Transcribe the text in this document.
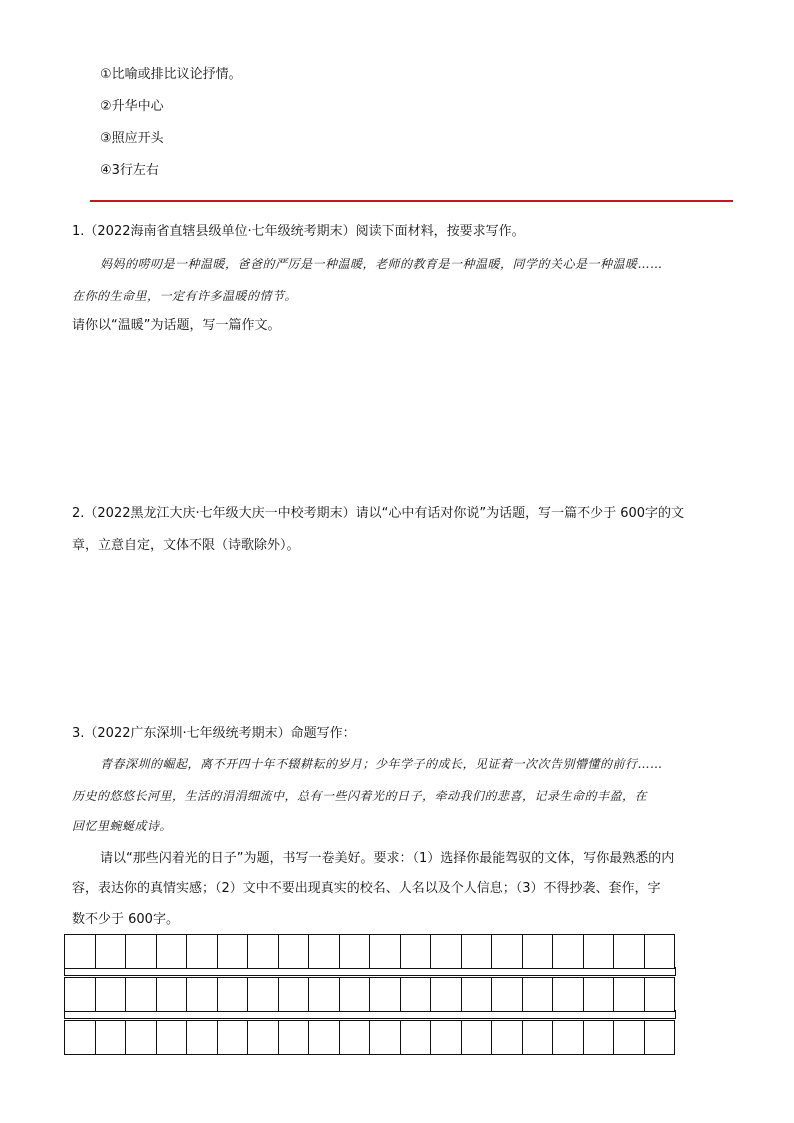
①比喻或排比议论抒情。
②升华中心
③照应开头
④3行左右
1.（2022海南省直辖县级单位·七年级统考期末）阅读下面材料，按要求写作。
妈妈的唠叨是一种温暖，爸爸的严厉是一种温暖，老师的教育是一种温暖，同学的关心是一种温暖……
在你的生命里，一定有许多温暖的情节。
请你以“温暖”为话题，写一篇作文。
2.（2022黑龙江大庆·七年级大庆一中校考期末）请以“心中有话对你说”为话题，写一篇不少于 600字的文
章，立意自定，文体不限（诗歌除外）。
3.（2022广东深圳·七年级统考期末）命题写作：
青春深圳的崛起，离不开四十年不辍耕耘的岁月；少年学子的成长，见证着一次次告别懵懂的前行……
历史的悠悠长河里，生活的涓涓细流中，总有一些闪着光的日子，牵动我们的悲喜，记录生命的丰盈，在
回忆里蜿蜒成诗。
请以“那些闪着光的日子”为题，书写一卷美好。要求：（1）选择你最能驾驭的文体，写你最熟悉的内
容，表达你的真情实感；（2）文中不要出现真实的校名、人名以及个人信息；（3）不得抄袭、套作，字
数不少于 600字。
